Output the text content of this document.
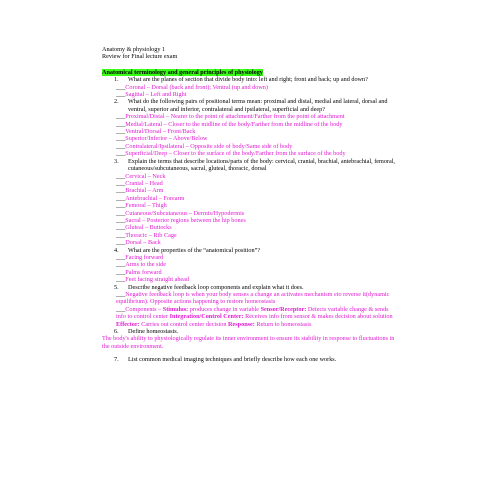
Anatomy & physiology 1
Review for Final lecture exam
Anatomical terminology and general principles of physiology
1. What are the planes of section that divide body into: left and right; front and back; up and down?
___Coronal – Dorsal (back and front); Ventral (up and down)
___Sagittal – Left and Right
2. What do the following pairs of positional terms mean: proximal and distal, medial and lateral, dorsal and ventral, superior and inferior, contralateral and ipsilateral, superficial and deep?
___Proximal/Distal – Nearer to the point of attachment/Farther from the point of attachment
___Medial/Lateral – Closer to the midline of the body/Farther from the midline of the body
___Ventral/Dorsal – Front/Back
___Superior/Inferior – Above/Below
___Contralateral/Ipsilateral – Opposite side of body/Same side of body
___Superficial/Deep – Closer to the surface of the body/Farther from the surface of the body
3. Explain the terms that describe locations/parts of the body: cervical, cranial, brachial, antebrachial, femoral, cutaneous/subcutaneous, sacral, gluteal, thoracic, dorsal
___Cervical – Neck
___Cranial – Head
___Brachial – Arm
___Antebrachial – Forearm
___Femoral – Thigh
___Cutaneous/Subcutaneous – Dermis/Hypodermis
___Sacral – Posterior regions between the hip bones
___Gluteal – Buttocks
___Thoracic – Rib Cage
___Dorsal – Back
4. What are the properties of the “anatomical position”?
___Facing forward
___Arms to the side
___Palms forward
___Feet facing straight ahead
5. Describe negative feedback loop components and explain what it does.
___Negative feedback loop is when your body senses a change an activates mechanism eto reverse it(dynamic equilibrium). Opposite actions happening to restore homeostasis
___Components – Stimulus: produces change in variable Sensor/Receptor: Detects variable change & sends info to control center Integration/Control Center: Receives info from sensor & makes decision about solution Effector: Carries out control center decision Response: Return to homeostasis
6. Define homeostasis.
The body's ability to physiologically regulate its inner environment to ensure its stability in response to fluctuations in the outside environment.
7. List common medical imaging techniques and briefly describe how each one works.
